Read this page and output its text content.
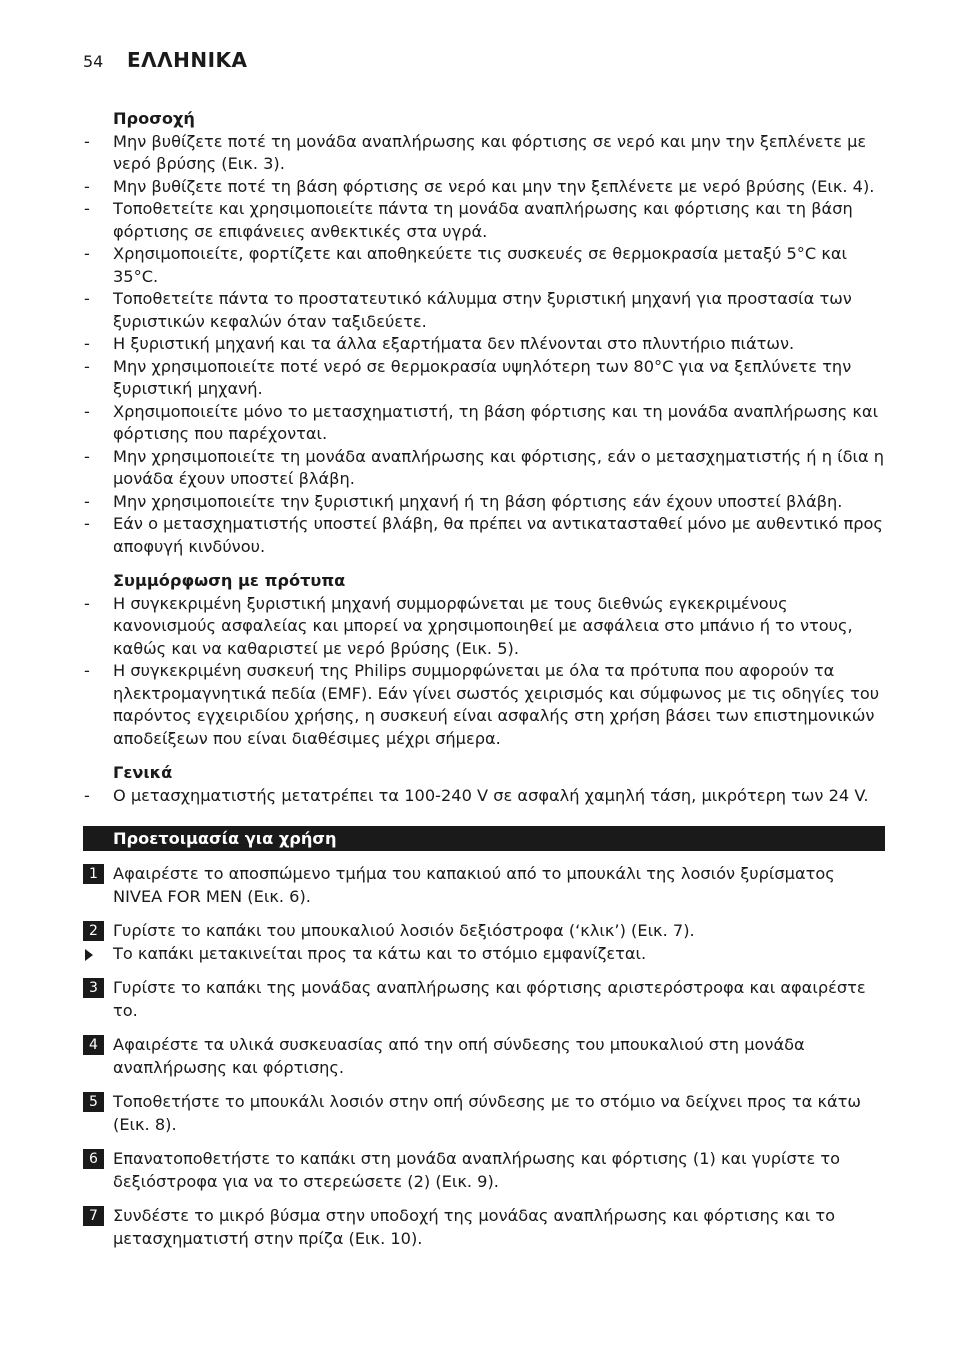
54	ΕΛΛΗΝΙΚΑ
Προσοχή
- Μην βυθίζετε ποτέ τη μονάδα αναπλήρωσης και φόρτισης σε νερό και μην την ξεπλένετε με νερό βρύσης (Εικ. 3).
- Μην βυθίζετε ποτέ τη βάση φόρτισης σε νερό και μην την ξεπλένετε με νερό βρύσης (Εικ. 4).
- Τοποθετείτε και χρησιμοποιείτε πάντα τη μονάδα αναπλήρωσης και φόρτισης και τη βάση φόρτισης σε επιφάνειες ανθεκτικές στα υγρά.
- Χρησιμοποιείτε, φορτίζετε και αποθηκεύετε τις συσκευές σε θερμοκρασία μεταξύ 5°C και 35°C.
- Τοποθετείτε πάντα το προστατευτικό κάλυμμα στην ξυριστική μηχανή για προστασία των ξυριστικών κεφαλών όταν ταξιδεύετε.
- Η ξυριστική μηχανή και τα άλλα εξαρτήματα δεν πλένονται στο πλυντήριο πιάτων.
- Μην χρησιμοποιείτε ποτέ νερό σε θερμοκρασία υψηλότερη των 80°C για να ξεπλύνετε την ξυριστική μηχανή.
- Χρησιμοποιείτε μόνο το μετασχηματιστή, τη βάση φόρτισης και τη μονάδα αναπλήρωσης και φόρτισης που παρέχονται.
- Μην χρησιμοποιείτε τη μονάδα αναπλήρωσης και φόρτισης, εάν ο μετασχηματιστής ή η ίδια η μονάδα έχουν υποστεί βλάβη.
- Μην χρησιμοποιείτε την ξυριστική μηχανή ή τη βάση φόρτισης εάν έχουν υποστεί βλάβη.
- Εάν ο μετασχηματιστής υποστεί βλάβη, θα πρέπει να αντικατασταθεί μόνο με αυθεντικό προς αποφυγή κινδύνου.
Συμμόρφωση με πρότυπα
- Η συγκεκριμένη ξυριστική μηχανή συμμορφώνεται με τους διεθνώς εγκεκριμένους κανονισμούς ασφαλείας και μπορεί να χρησιμοποιηθεί με ασφάλεια στο μπάνιο ή το ντους, καθώς και να καθαριστεί με νερό βρύσης (Εικ. 5).
- Η συγκεκριμένη συσκευή της Philips συμμορφώνεται με όλα τα πρότυπα που αφορούν τα ηλεκτρομαγνητικά πεδία (EMF). Εάν γίνει σωστός χειρισμός και σύμφωνος με τις οδηγίες του παρόντος εγχειριδίου χρήσης, η συσκευή είναι ασφαλής στη χρήση βάσει των επιστημονικών αποδείξεων που είναι διαθέσιμες μέχρι σήμερα.
Γενικά
- Ο μετασχηματιστής μετατρέπει τα 100-240 V σε ασφαλή χαμηλή τάση, μικρότερη των 24 V.
Προετοιμασία για χρήση
1 Αφαιρέστε το αποσπώμενο τμήμα του καπακιού από το μπουκάλι της λοσιόν ξυρίσματος NIVEA FOR MEN (Εικ. 6).
2 Γυρίστε το καπάκι του μπουκαλιού λοσιόν δεξιόστροφα (‘κλικ’) (Εικ. 7).
Το καπάκι μετακινείται προς τα κάτω και το στόμιο εμφανίζεται.
3 Γυρίστε το καπάκι της μονάδας αναπλήρωσης και φόρτισης αριστερόστροφα και αφαιρέστε το.
4 Αφαιρέστε τα υλικά συσκευασίας από την οπή σύνδεσης του μπουκαλιού στη μονάδα αναπλήρωσης και φόρτισης.
5 Τοποθετήστε το μπουκάλι λοσιόν στην οπή σύνδεσης με το στόμιο να δείχνει προς τα κάτω (Εικ. 8).
6 Επανατοποθετήστε το καπάκι στη μονάδα αναπλήρωσης και φόρτισης (1) και γυρίστε το δεξιόστροφα για να το στερεώσετε (2) (Εικ. 9).
7 Συνδέστε το μικρό βύσμα στην υποδοχή της μονάδας αναπλήρωσης και φόρτισης και το μετασχηματιστή στην πρίζα (Εικ. 10).
